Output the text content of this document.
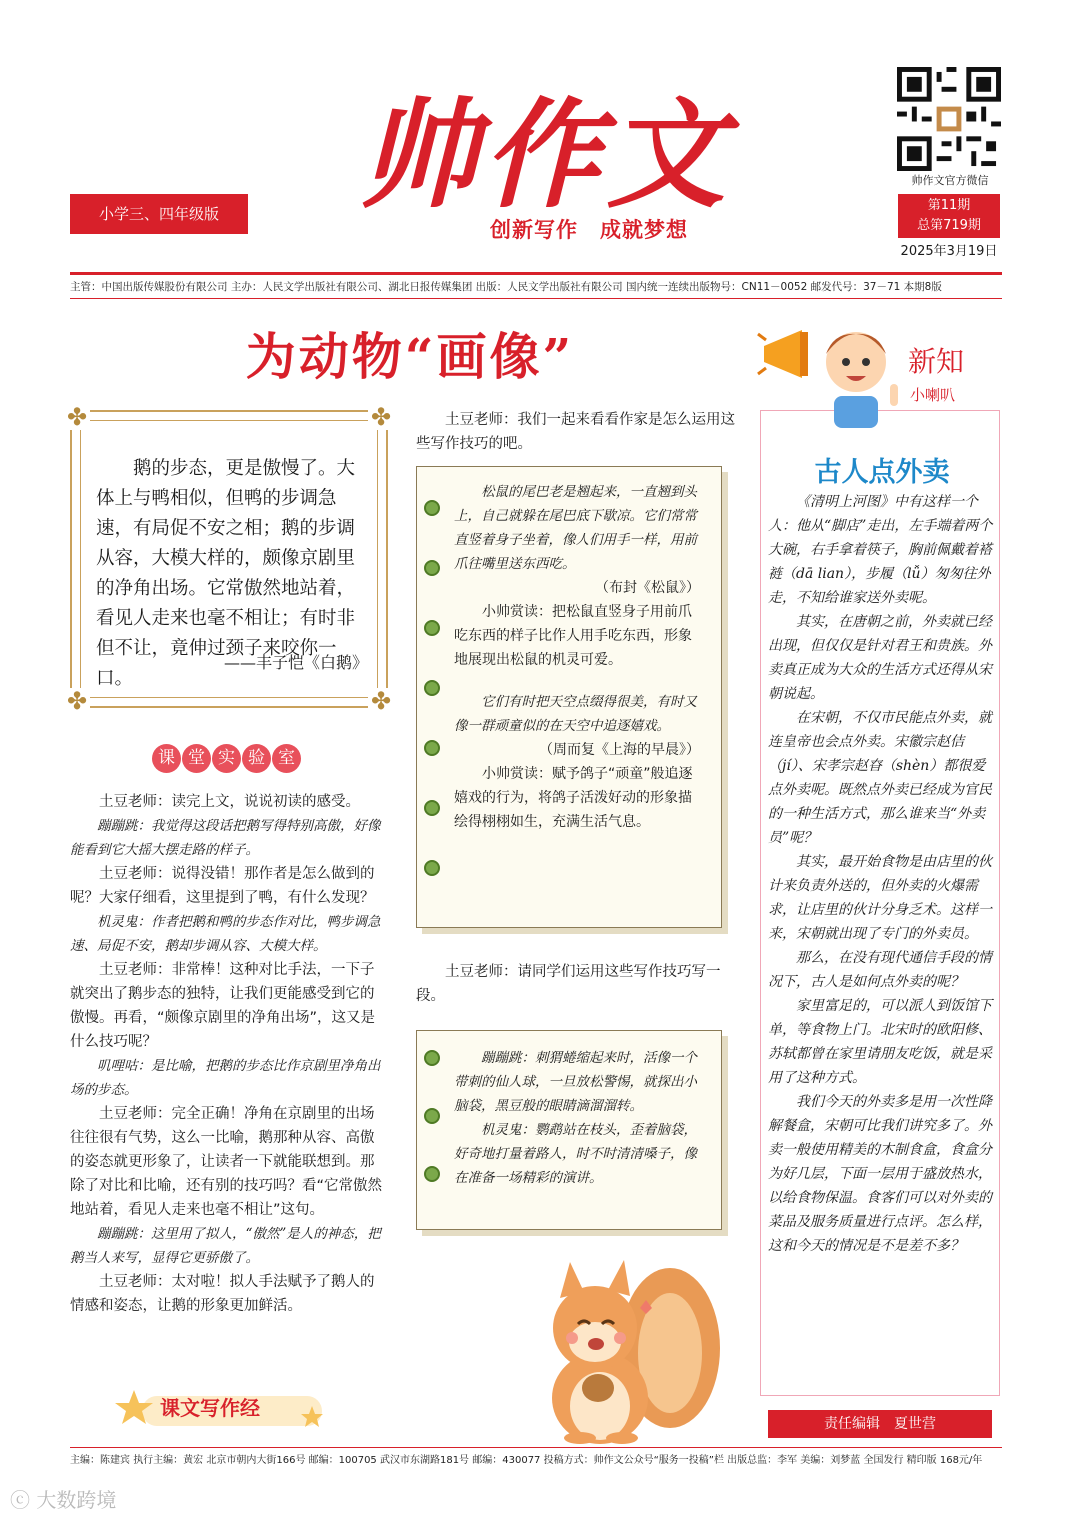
帅作文
小学三、四年级版
创新写作　成就梦想
帅作文官方微信
第11期
总第719期
2025年3月19日
主管：中国出版传媒股份有限公司 主办：人民文学出版社有限公司、湖北日报传媒集团 出版：人民文学出版社有限公司 国内统一连续出版物号：CN11－0052 邮发代号：37－71 本期8版
为动物“画像”
✤	✤
✤	✤
鹅的步态，更是傲慢了。大体上与鸭相似，但鸭的步调急速，有局促不安之相；鹅的步调从容，大模大样的，颇像京剧里的净角出场。它常傲然地站着，看见人走来也毫不相让；有时非但不让，竟伸过颈子来咬你一口。
——丰子恺《白鹅》
课 堂 实 验 室

土豆老师：读完上文，说说初读的感受。

蹦蹦跳：我觉得这段话把鹅写得特别高傲，好像能看到它大摇大摆走路的样子。

土豆老师：说得没错！那作者是怎么做到的呢？大家仔细看，这里提到了鸭，有什么发现？

机灵鬼：作者把鹅和鸭的步态作对比，鸭步调急速、局促不安，鹅却步调从容、大模大样。

土豆老师：非常棒！这种对比手法，一下子就突出了鹅步态的独特，让我们更能感受到它的傲慢。再看，“颇像京剧里的净角出场”，这又是什么技巧呢？

叽哩咕：是比喻，把鹅的步态比作京剧里净角出场的步态。

土豆老师：完全正确！净角在京剧里的出场往往很有气势，这么一比喻，鹅那种从容、高傲的姿态就更形象了，让读者一下就能联想到。那除了对比和比喻，还有别的技巧吗？看“它常傲然地站着，看见人走来也毫不相让”这句。

蹦蹦跳：这里用了拟人，“傲然”是人的神态，把鹅当人来写，显得它更骄傲了。

土豆老师：太对啦！拟人手法赋予了鹅人的情感和姿态，让鹅的形象更加鲜活。

课文写作经
土豆老师：我们一起来看看作家是怎么运用这些写作技巧的吧。

松鼠的尾巴老是翘起来，一直翘到头上，自己就躲在尾巴底下歇凉。它们常常直竖着身子坐着，像人们用手一样，用前爪往嘴里送东西吃。

（布封《松鼠》）

小帅赏读：把松鼠直竖身子用前爪吃东西的样子比作人用手吃东西，形象地展现出松鼠的机灵可爱。

它们有时把天空点缀得很美，有时又像一群顽童似的在天空中追逐嬉戏。

（周而复《上海的早晨》）

小帅赏读：赋予鸽子“顽童”般追逐嬉戏的行为，将鸽子活泼好动的形象描绘得栩栩如生，充满生活气息。

土豆老师：请同学们运用这些写作技巧写一段。

蹦蹦跳：刺猬蜷缩起来时，活像一个带刺的仙人球，一旦放松警惕，就探出小脑袋，黑豆般的眼睛滴溜溜转。

机灵鬼：鹦鹉站在枝头，歪着脑袋，好奇地打量着路人，时不时清清嗓子，像在准备一场精彩的演讲。

新知
小喇叭
古人点外卖

《清明上河图》中有这样一个人：他从“脚店”走出，左手端着两个大碗，右手拿着筷子，胸前佩戴着褡裢（dā lian），步履（lǚ）匆匆往外走，不知给谁家送外卖呢。

其实，在唐朝之前，外卖就已经出现，但仅仅是针对君王和贵族。外卖真正成为大众的生活方式还得从宋朝说起。

在宋朝，不仅市民能点外卖，就连皇帝也会点外卖。宋徽宗赵佶（jí）、宋孝宗赵昚（shèn）都很爱点外卖呢。既然点外卖已经成为官民的一种生活方式，那么谁来当“外卖员”呢？

其实，最开始食物是由店里的伙计来负责外送的，但外卖的火爆需求，让店里的伙计分身乏术。这样一来，宋朝就出现了专门的外卖员。

那么，在没有现代通信手段的情况下，古人是如何点外卖的呢？

家里富足的，可以派人到饭馆下单，等食物上门。北宋时的欧阳修、苏轼都曾在家里请朋友吃饭，就是采用了这种方式。

我们今天的外卖多是用一次性降解餐盒，宋朝可比我们讲究多了。外卖一般使用精美的木制食盒，食盒分为好几层，下面一层用于盛放热水，以给食物保温。食客们可以对外卖的菜品及服务质量进行点评。怎么样，这和今天的情况是不是差不多？

责任编辑　夏世营
主编：陈建宾 执行主编：黄宏 北京市朝内大街166号 邮编：100705 武汉市东湖路181号 邮编：430077 投稿方式：帅作文公众号“服务一投稿”栏 出版总监：李军 美编：刘梦蓝 全国发行 精印版 168元/年
ⓒ 大数跨境
